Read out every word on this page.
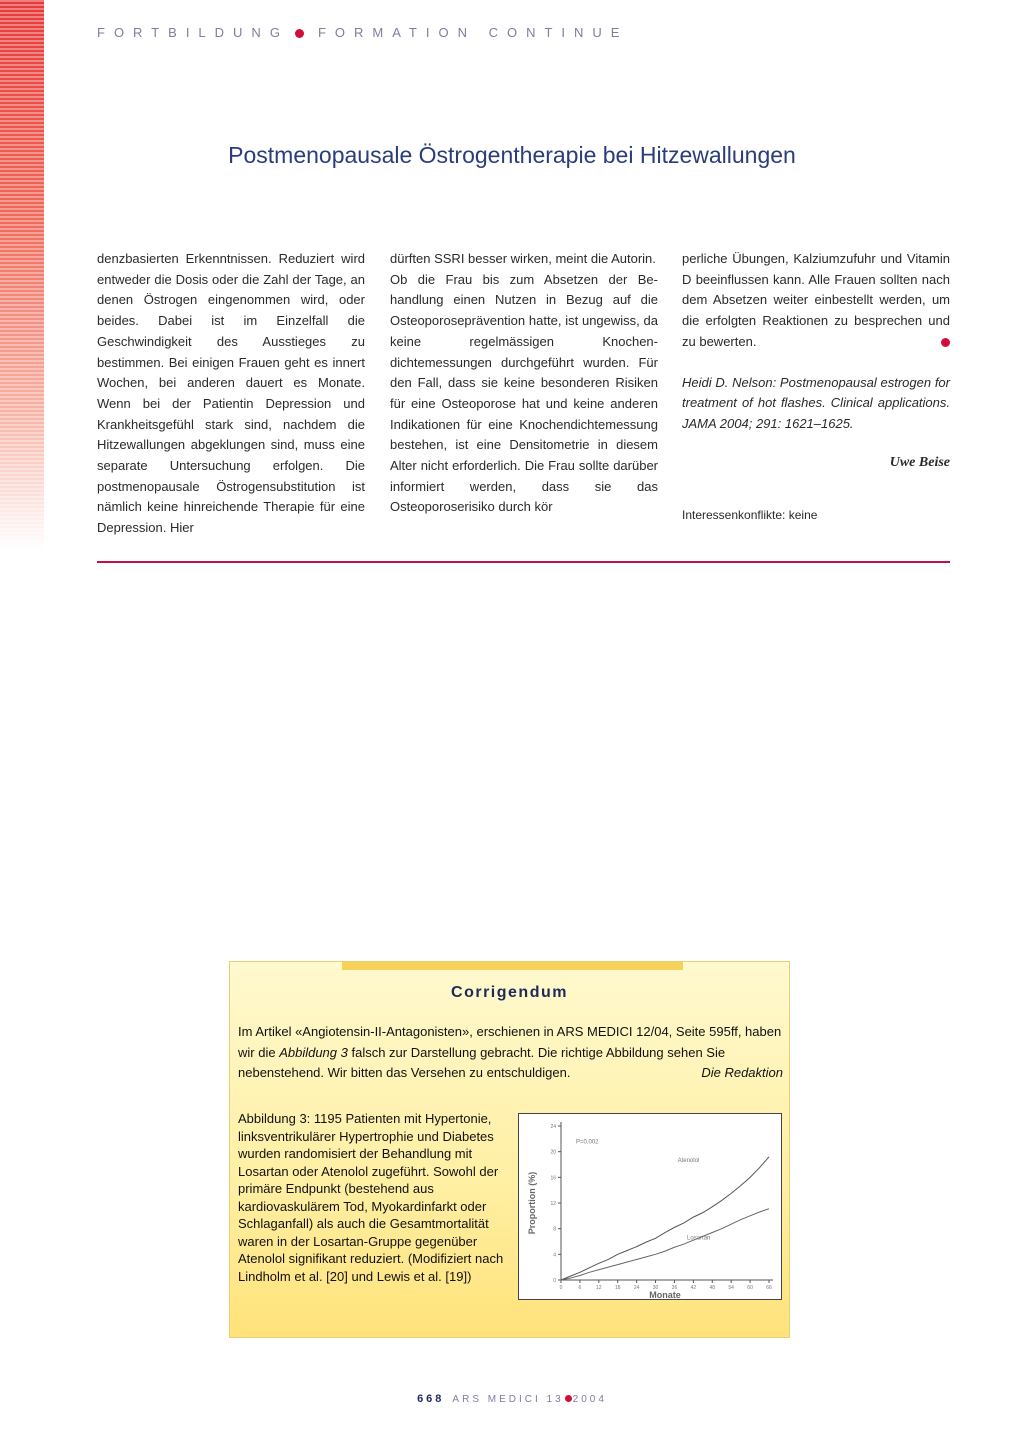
FORTBILDUNG FORMATION CONTINUE
Postmenopausale Östrogentherapie bei Hitzewallungen

denzbasierten Erkenntnissen. Reduziert wird entweder die Dosis oder die Zahl der Tage, an denen Östrogen eingenommen wird, oder beides. Dabei ist im Einzelfall die Geschwindigkeit des Ausstieges zu bestimmen. Bei einigen Frauen geht es innert Wochen, bei anderen dauert es Monate. Wenn bei der Patientin Depression und Krankheitsgefühl stark sind, nachdem die Hitzewallungen abgeklungen sind, muss eine separate Untersuchung erfolgen. Die postmenopausale Östrogensubstitution ist nämlich keine hinreichende Therapie für eine Depression. Hier

dürften SSRI besser wirken, meint die Autorin.

Ob die Frau bis zum Absetzen der Behandlung einen Nutzen in Bezug auf die Osteoporoseprävention hatte, ist ungewiss, da keine regelmässigen Knochendichtemessungen durchgeführt wurden. Für den Fall, dass sie keine besonderen Risiken für eine Osteoporose hat und keine anderen Indikationen für eine Knochendichtemessung bestehen, ist eine Densitometrie in diesem Alter nicht erforderlich. Die Frau sollte darüber informiert werden, dass sie das Osteoporoserisiko durch kör

perliche Übungen, Kalziumzufuhr und Vitamin D beeinflussen kann. Alle Frauen sollten nach dem Absetzen weiter einbestellt werden, um die erfolgten Reaktionen zu besprechen und zu bewerten.

Heidi D. Nelson: Postmenopausal estrogen for treatment of hot flashes. Clinical applications. JAMA 2004; 291: 1621–1625.

Uwe Beise

Interessenkonflikte: keine

Corrigendum
Im Artikel «Angiotensin-II-Antagonisten», erschienen in ARS MEDICI 12/04, Seite 595ff, haben wir die Abbildung 3 falsch zur Darstellung gebracht. Die richtige Abbildung sehen Sie nebenstehend. Wir bitten das Versehen zu entschuldigen.	Die Redaktion
Abbildung 3: 1195 Patienten mit Hypertonie, linksventrikulärer Hypertrophie und Diabetes wurden randomisiert der Behandlung mit Losartan oder Atenolol zugeführt. Sowohl der primäre Endpunkt (bestehend aus kardiovaskulärem Tod, Myokardinfarkt oder Schlaganfall) als auch die Gesamtmortalität waren in der Losartan-Gruppe gegenüber Atenolol signifikant reduziert. (Modifiziert nach Lindholm et al. [20] und Lewis et al. [19])	0
4
8
12
16
20
24
0	6	12	18	24	30	36	42	48	54	60	66
Monate
Proportion (%)
P=0,002
Atenolol
Losartan
668 ARS MEDICI 13 2004
